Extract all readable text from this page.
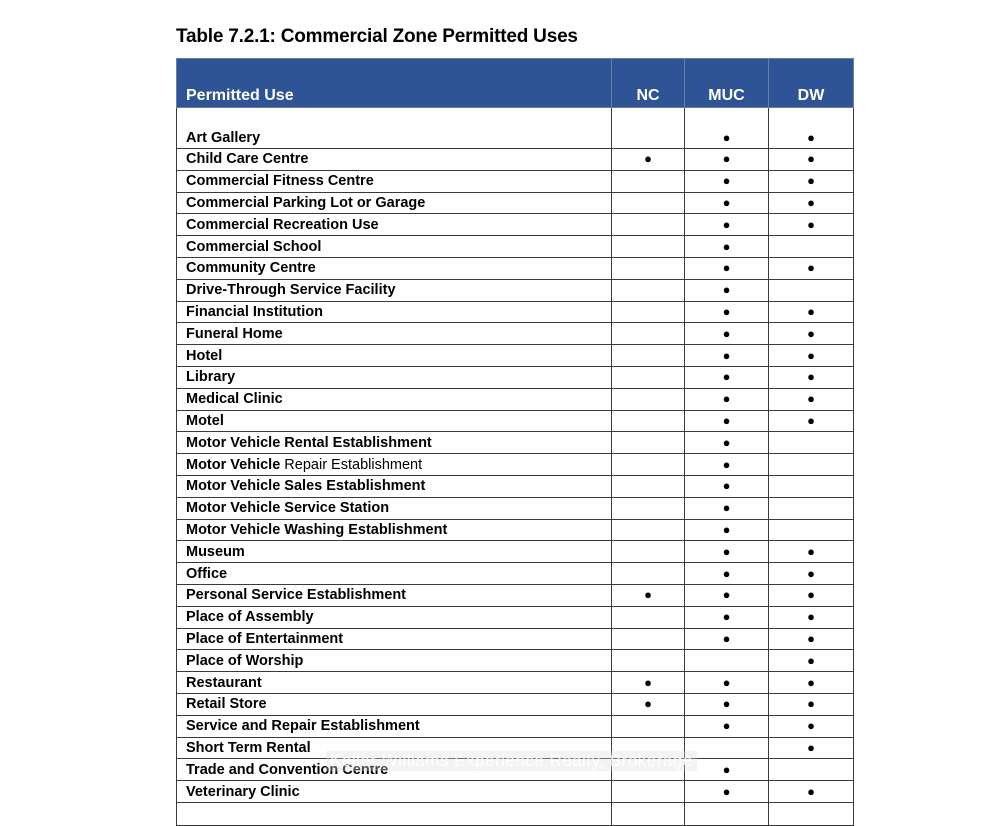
Table 7.2.1: Commercial Zone Permitted Uses
Permitted Use	NC	MUC	DW
Art Gallery		●	●
Child Care Centre	●	●	●
Commercial Fitness Centre		●	●
Commercial Parking Lot or Garage		●	●
Commercial Recreation Use		●	●
Commercial School		●	
Community Centre		●	●
Drive-Through Service Facility		●	
Financial Institution		●	●
Funeral Home		●	●
Hotel		●	●
Library		●	●
Medical Clinic		●	●
Motel		●	●
Motor Vehicle Rental Establishment		●	
Motor Vehicle Repair Establishment		●	
Motor Vehicle Sales Establishment		●	
Motor Vehicle Service Station		●	
Motor Vehicle Washing Establishment		●	
Museum		●	●
Office		●	●
Personal Service Establishment	●	●	●
Place of Assembly		●	●
Place of Entertainment		●	●
Place of Worship			●
Restaurant	●	●	●
Retail Store	●	●	●
Service and Repair Establishment		●	●
Short Term Rental			●
Trade and Convention Centre		●	
Veterinary Clinic		●	●

Keller Williams Experience Realty, Brokerage
